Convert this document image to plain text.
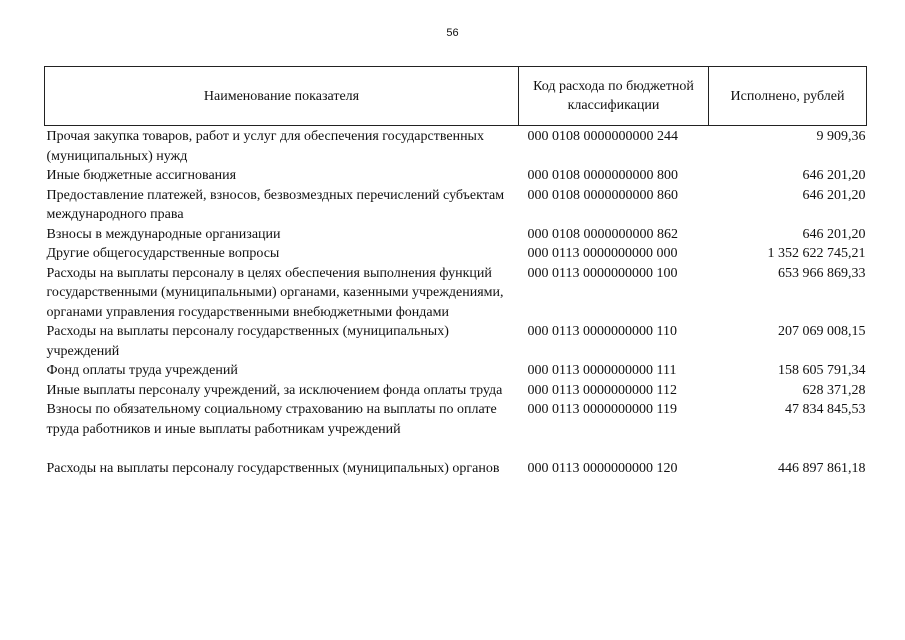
56
Наименование показателя	Код расхода по бюджетной классификации	Исполнено, рублей
Прочая закупка товаров, работ и услуг для обеспечения государственных (муниципальных) нужд	000 0108 0000000000 244	9 909,36
Иные бюджетные ассигнования	000 0108 0000000000 800	646 201,20
Предоставление платежей, взносов, безвозмездных перечислений субъектам международного права	000 0108 0000000000 860	646 201,20
Взносы в международные организации	000 0108 0000000000 862	646 201,20
Другие общегосударственные вопросы	000 0113 0000000000 000	1 352 622 745,21
Расходы на выплаты персоналу в целях обеспечения выполнения функций государственными (муниципальными) органами, казенными учреждениями, органами управления государственными внебюджетными фондами	000 0113 0000000000 100	653 966 869,33
Расходы на выплаты персоналу государственных (муниципальных) учреждений	000 0113 0000000000 110	207 069 008,15
Фонд оплаты труда учреждений	000 0113 0000000000 111	158 605 791,34
Иные выплаты персоналу учреждений, за исключением фонда оплаты труда	000 0113 0000000000 112	628 371,28
Взносы по обязательному социальному страхованию на выплаты по оплате труда работников и иные выплаты работникам учреждений	000 0113 0000000000 119	47 834 845,53
Расходы на выплаты персоналу государственных (муниципальных) органов	000 0113 0000000000 120	446 897 861,18
